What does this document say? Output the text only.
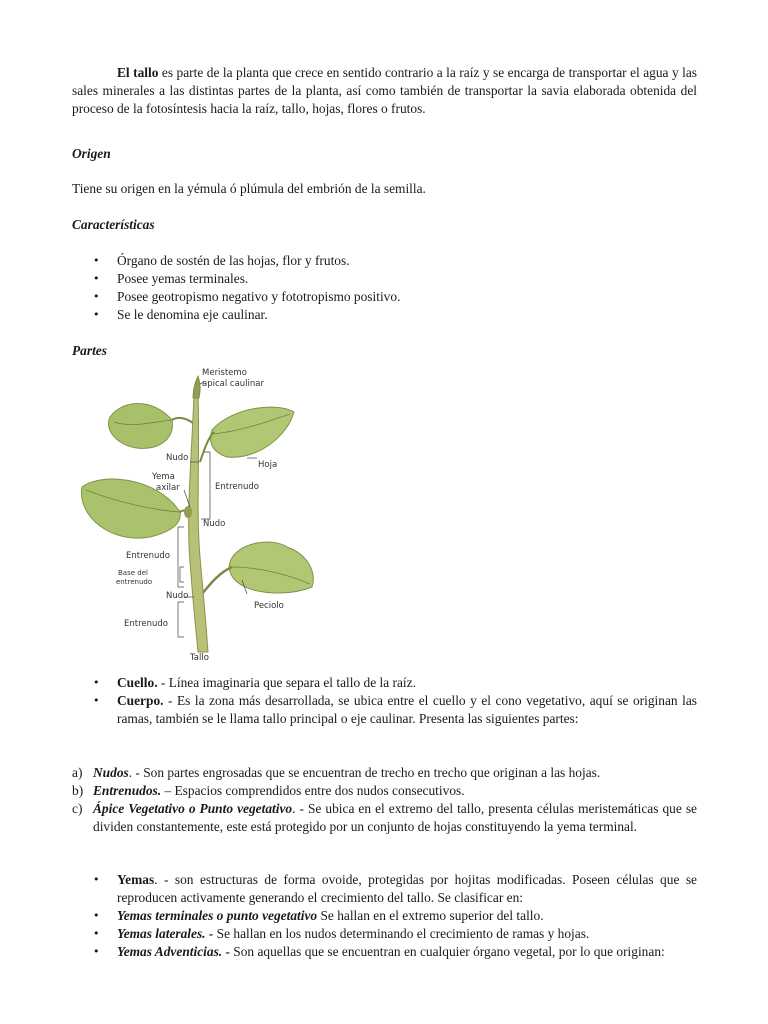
El tallo es parte de la planta que crece en sentido contrario a la raíz y se encarga de transportar el agua y las sales minerales a las distintas partes de la planta, así como también de transportar la savia elaborada obtenida del proceso de la fotosíntesis hacia la raíz, tallo, hojas, flores o frutos.

Origen
Tiene su origen en la yémula ó plúmula del embrión de la semilla.
Características
• Órgano de sostén de las hojas, flor y frutos.
• Posee yemas terminales.
• Posee geotropismo negativo y fototropismo positivo.
• Se le denomina eje caulinar.
Partes
Meristemo
apical caulinar
Nudo
Hoja
Yema
axilar	Entrenudo
Nudo
Entrenudo
Base del
entrenudo
Nudo
Peciolo
Entrenudo
Tallo
• Cuello. - Línea imaginaria que separa el tallo de la raíz.
• Cuerpo. - Es la zona más desarrollada, se ubica entre el cuello y el cono vegetativo, aquí se originan las ramas, también se le llama tallo principal o eje caulinar. Presenta las siguientes partes:
a) Nudos. - Son partes engrosadas que se encuentran de trecho en trecho que originan a las hojas.
b) Entrenudos. – Espacios comprendidos entre dos nudos consecutivos.
c) Ápice Vegetativo o Punto vegetativo. - Se ubica en el extremo del tallo, presenta células meristemáticas que se dividen constantemente, este está protegido por un conjunto de hojas constituyendo la yema terminal.
• Yemas. - son estructuras de forma ovoide, protegidas por hojitas modificadas. Poseen células que se reproducen activamente generando el crecimiento del tallo. Se clasificar en:
• Yemas terminales o punto vegetativo Se hallan en el extremo superior del tallo.
• Yemas laterales. - Se hallan en los nudos determinando el crecimiento de ramas y hojas.
• Yemas Adventicias. - Son aquellas que se encuentran en cualquier órgano vegetal, por lo que originan:
